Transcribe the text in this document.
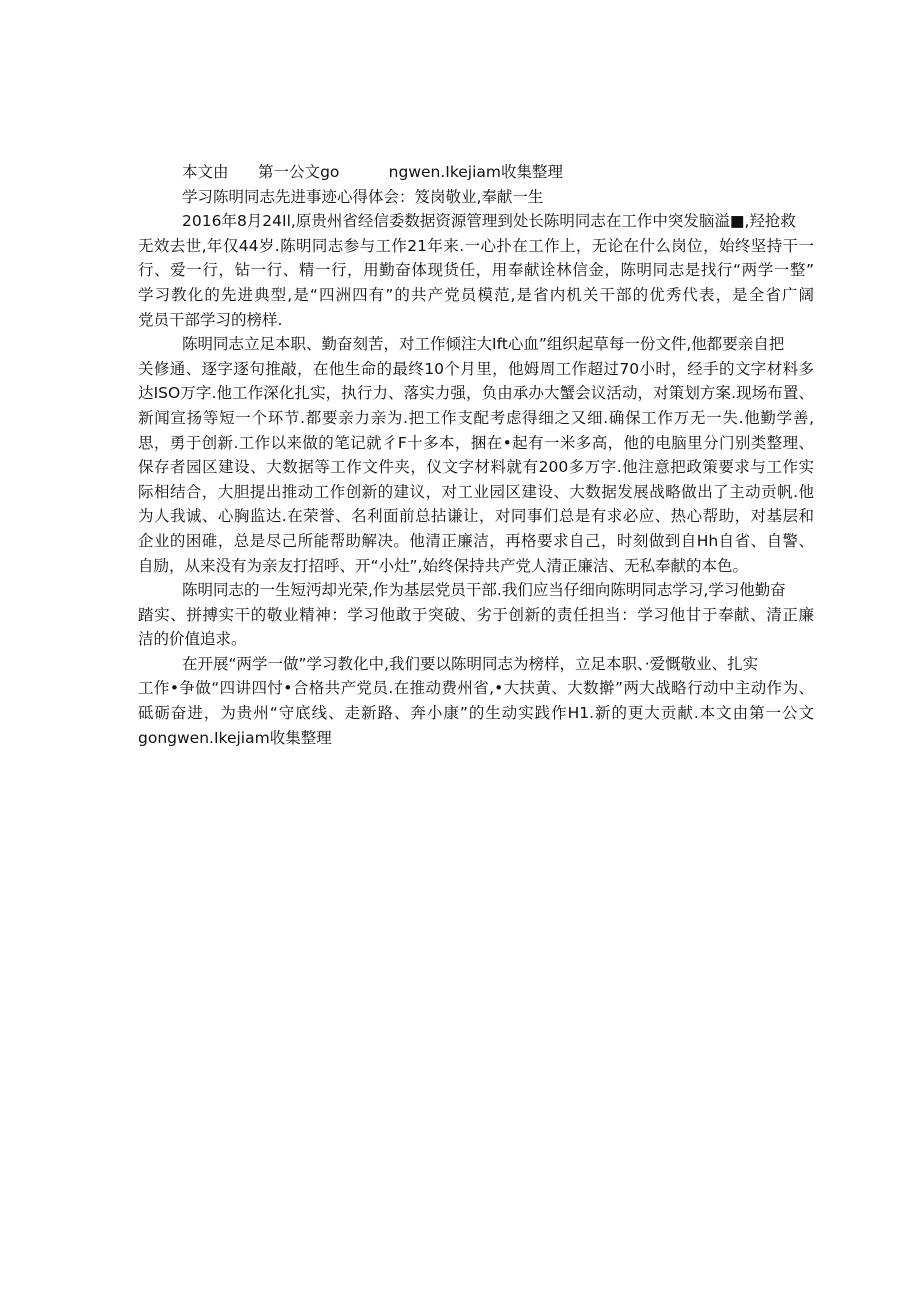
本文由      第一公文go          ngwen.Ikejiam收集整理
学习陈明同志先进事迹心得体会：笈岗敬业,奉献一生
2016年8月24Il,原贵州省经信委数据资源管理到处长陈明同志在工作中突发脑溢■,羟抢救
无效去世,年仅44岁.陈明同志参与工作21年来.一心扑在工作上，无论在什么岗位，始终坚持干一
行、爱一行，钻一行、精一行，用勤奋体现货任，用奉献诠林信金，陈明同志是找行“两学一整”
学习教化的先进典型,是“四洲四有”的共产党员模范,是省内机关干部的优秀代表，是全省广阔
党员干部学习的榜样.
陈明同志立足本职、勤奋刻苦，对工作倾注大Ift心血”组织起草每一份文件,他都要亲自把
关修通、逐字逐句推敲，在他生命的最终10个月里，他姆周工作超过70小时，经手的文字材料多
达ISO万字.他工作深化扎实，执行力、落实力强，负由承办大蟹会议活动，对策划方案.现场布置、
新闻宣扬等短一个环节.都要亲力亲为.把工作支配考虑得细之又细.确保工作万无一失.他勤学善,
思，勇于创新.工作以来做的笔记就彳F十多本，捆在•起有一米多高，他的电脑里分门别类整理、
保存者园区建设、大数据等工作文件夹，仪文字材料就有200多万字.他注意把政策要求与工作实
际相结合，大胆提出推动工作创新的建议，对工业园区建设、大数据发展战略做出了主动贡帆.他
为人我诚、心胸监达.在荣誉、名利面前总拈谦让，对同事们总是有求必应、热心帮助，对基层和
企业的困碓，总是尽己所能帮助解决。他清正廉洁，再格要求自己，时刻做到自Hh自省、自警、
自励，从来没有为亲友打招呼、开“小灶”,始终保持共产党人清正廉洁、无私奉献的本色。
陈明同志的一生短沔却光荣,作为基层党员干部.我们应当仔细向陈明同志学习,学习他勤奋
踏实、拼搏实干的敬业精神：学习他敢于突破、劣于创新的责任担当：学习他甘于奉献、清正廉
洁的价值追求。
在开展“两学一做”学习教化中,我们要以陈明同志为榜样，立足本职、·爱慨敬业、扎实
工作•争做“四讲四忖•合格共产党员.在推动费州省,•大扶黄、大数擀”两大战略行动中主动作为、
砥砺奋进，为贵州“守底线、走新路、奔小康”的生动实践作H1.新的更大贡献.本文由第一公文
gongwen.Ikejiam收集整理
